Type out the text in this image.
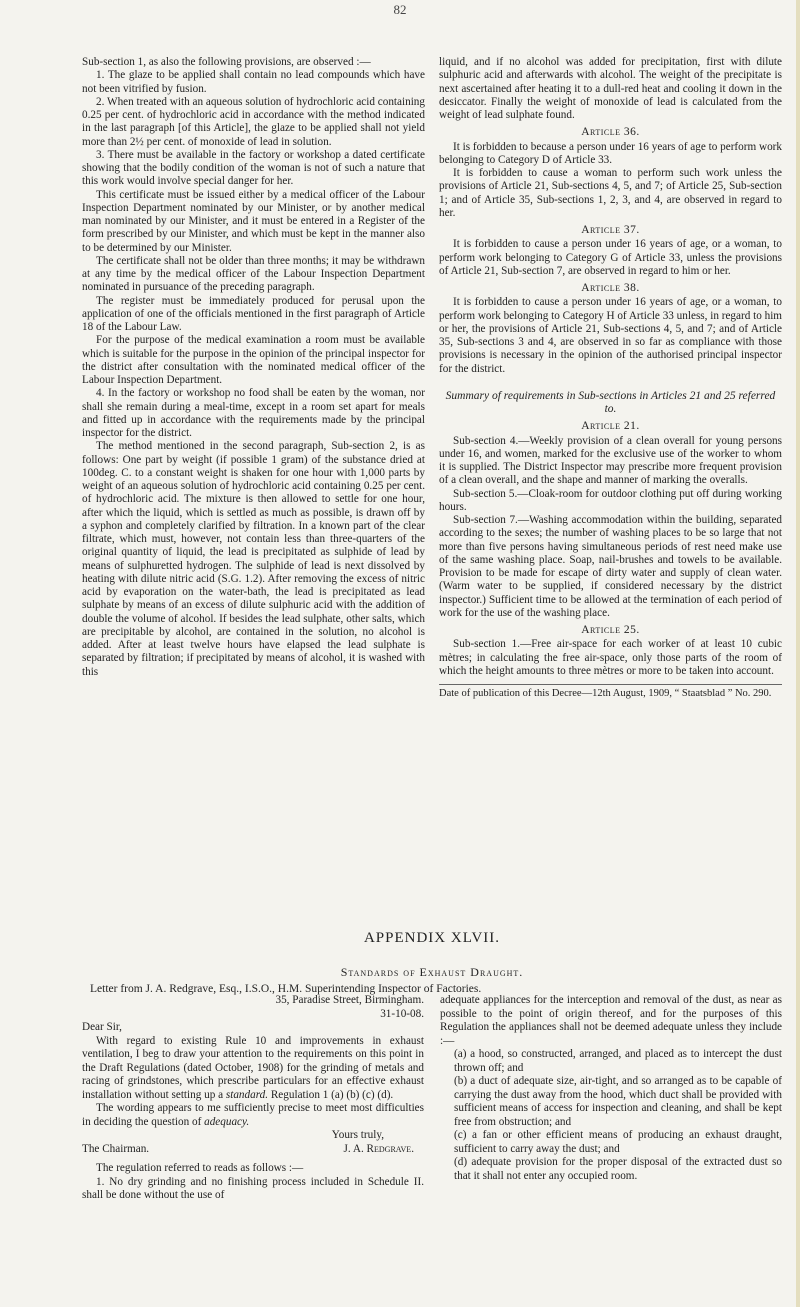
82

Sub-section 1, as also the following provisions, are observed :—

1. The glaze to be applied shall contain no lead compounds which have not been vitrified by fusion.

2. When treated with an aqueous solution of hydrochloric acid containing 0.25 per cent. of hydrochloric acid in accordance with the method indicated in the last paragraph [of this Article], the glaze to be applied shall not yield more than 2½ per cent. of monoxide of lead in solution.

3. There must be available in the factory or workshop a dated certificate showing that the bodily condition of the woman is not of such a nature that this work would involve special danger for her.

This certificate must be issued either by a medical officer of the Labour Inspection Department nominated by our Minister, or by another medical man nominated by our Minister, and it must be entered in a Register of the form prescribed by our Minister, and which must be kept in the manner also to be determined by our Minister.

The certificate shall not be older than three months; it may be withdrawn at any time by the medical officer of the Labour Inspection Department nominated in pursuance of the preceding paragraph.

The register must be immediately produced for perusal upon the application of one of the officials mentioned in the first paragraph of Article 18 of the Labour Law.

For the purpose of the medical examination a room must be available which is suitable for the purpose in the opinion of the principal inspector for the district after consultation with the nominated medical officer of the Labour Inspection Department.

4. In the factory or workshop no food shall be eaten by the woman, nor shall she remain during a meal-time, except in a room set apart for meals and fitted up in accordance with the requirements made by the principal inspector for the district.

The method mentioned in the second paragraph, Sub-section 2, is as follows: One part by weight (if possible 1 gram) of the substance dried at 100deg. C. to a constant weight is shaken for one hour with 1,000 parts by weight of an aqueous solution of hydrochloric acid containing 0.25 per cent. of hydrochloric acid. The mixture is then allowed to settle for one hour, after which the liquid, which is settled as much as possible, is drawn off by a syphon and completely clarified by filtration. In a known part of the clear filtrate, which must, however, not contain less than three-quarters of the original quantity of liquid, the lead is precipitated as sulphide of lead by means of sulphuretted hydrogen. The sulphide of lead is next dissolved by heating with dilute nitric acid (S.G. 1.2). After removing the excess of nitric acid by evaporation on the water-bath, the lead is precipitated as lead sulphate by means of an excess of dilute sulphuric acid with the addition of double the volume of alcohol. If besides the lead sulphate, other salts, which are precipitable by alcohol, are contained in the solution, no alcohol is added. After at least twelve hours have elapsed the lead sulphate is separated by filtration; if precipitated by means of alcohol, it is washed with this

liquid, and if no alcohol was added for precipitation, first with dilute sulphuric acid and afterwards with alcohol. The weight of the precipitate is next ascertained after heating it to a dull-red heat and cooling it down in the desiccator. Finally the weight of monoxide of lead is calculated from the weight of lead sulphate found.

Article 36.

It is forbidden to because a person under 16 years of age to perform work belonging to Category D of Article 33.

It is forbidden to cause a woman to perform such work unless the provisions of Article 21, Sub-sections 4, 5, and 7; of Article 25, Sub-section 1; and of Article 35, Sub-sections 1, 2, 3, and 4, are observed in regard to her.

Article 37.

It is forbidden to cause a person under 16 years of age, or a woman, to perform work belonging to Category G of Article 33, unless the provisions of Article 21, Sub-section 7, are observed in regard to him or her.

Article 38.

It is forbidden to cause a person under 16 years of age, or a woman, to perform work belonging to Category H of Article 33 unless, in regard to him or her, the provisions of Article 21, Sub-sections 4, 5, and 7; and of Article 35, Sub-sections 3 and 4, are observed in so far as compliance with those provisions is necessary in the opinion of the authorised principal inspector for the district.

Summary of requirements in Sub-sections in Articles 21 and 25 referred to.
Article 21.

Sub-section 4.—Weekly provision of a clean overall for young persons under 16, and women, marked for the exclusive use of the worker to whom it is supplied. The District Inspector may prescribe more frequent provision of a clean overall, and the shape and manner of marking the overalls.

Sub-section 5.—Cloak-room for outdoor clothing put off during working hours.

Sub-section 7.—Washing accommodation within the building, separated according to the sexes; the number of washing places to be so large that not more than five persons having simultaneous periods of rest need make use of the same washing place. Soap, nail-brushes and towels to be available. Provision to be made for escape of dirty water and supply of clean water. (Warm water to be supplied, if considered necessary by the district inspector.) Sufficient time to be allowed at the termination of each period of work for the use of the washing place.

Article 25.

Sub-section 1.—Free air-space for each worker of at least 10 cubic mètres; in calculating the free air-space, only those parts of the room of which the height amounts to three mètres or more to be taken into account.

Date of publication of this Decree—12th August, 1909, “ Staatsblad ” No. 290.
APPENDIX XLVII.
Standards of Exhaust Draught.
Letter from J. A. Redgrave, Esq., I.S.O., H.M. Superintending Inspector of Factories.

35, Paradise Street, Birmingham.

31-10-08.

Dear Sir,

With regard to existing Rule 10 and improvements in exhaust ventilation, I beg to draw your attention to the requirements on this point in the Draft Regulations (dated October, 1908) for the grinding of metals and racing of grindstones, which prescribe particulars for an effective exhaust installation without setting up a standard. Regulation 1 (a) (b) (c) (d).

The wording appears to me sufficiently precise to meet most difficulties in deciding the question of adequacy.

Yours truly,

The Chairman.	J. A. Redgrave.

The regulation referred to reads as follows :—

1. No dry grinding and no finishing process included in Schedule II. shall be done without the use of

adequate appliances for the interception and removal of the dust, as near as possible to the point of origin thereof, and for the purposes of this Regulation the appliances shall not be deemed adequate unless they include :—

(a) a hood, so constructed, arranged, and placed as to intercept the dust thrown off; and

(b) a duct of adequate size, air-tight, and so arranged as to be capable of carrying the dust away from the hood, which duct shall be provided with sufficient means of access for inspection and cleaning, and shall be kept free from obstruction; and

(c) a fan or other efficient means of producing an exhaust draught, sufficient to carry away the dust; and

(d) adequate provision for the proper disposal of the extracted dust so that it shall not enter any occupied room.
